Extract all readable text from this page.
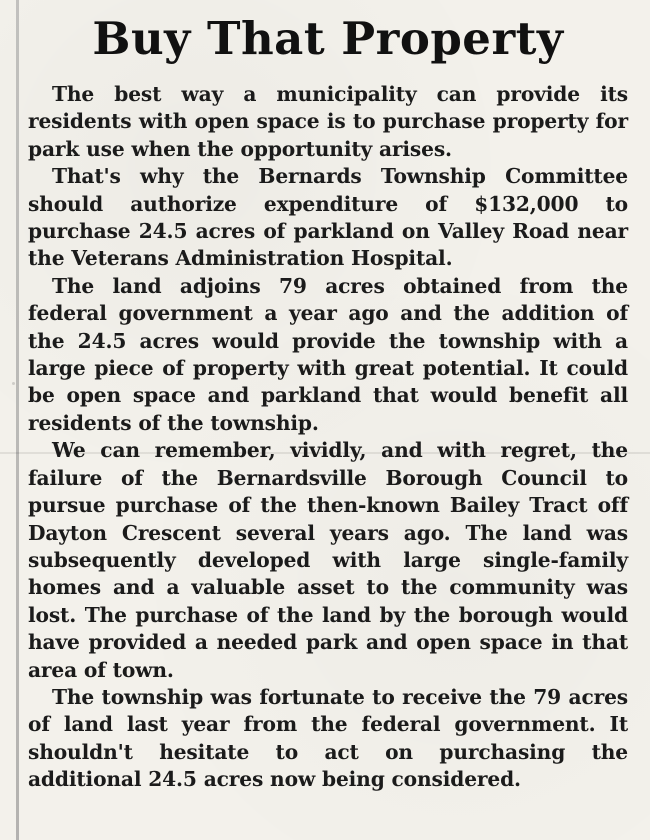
Buy That Property

The best way a municipality can provide its residents with open space is to purchase property for park use when the opportunity arises.

That's why the Bernards Township Committee should authorize expenditure of $132,000 to purchase 24.5 acres of parkland on Valley Road near the Veterans Administration Hospital.

The land adjoins 79 acres obtained from the federal government a year ago and the addition of the 24.5 acres would provide the township with a large piece of property with great potential. It could be open space and parkland that would benefit all residents of the township.

We can remember, vividly, and with regret, the failure of the Bernardsville Borough Council to pursue purchase of the then-known Bailey Tract off Dayton Crescent several years ago. The land was subsequently developed with large single-family homes and a valuable asset to the community was lost. The purchase of the land by the borough would have provided a needed park and open space in that area of town.

The township was fortunate to receive the 79 acres of land last year from the federal government. It shouldn't hesitate to act on purchasing the additional 24.5 acres now being considered.
